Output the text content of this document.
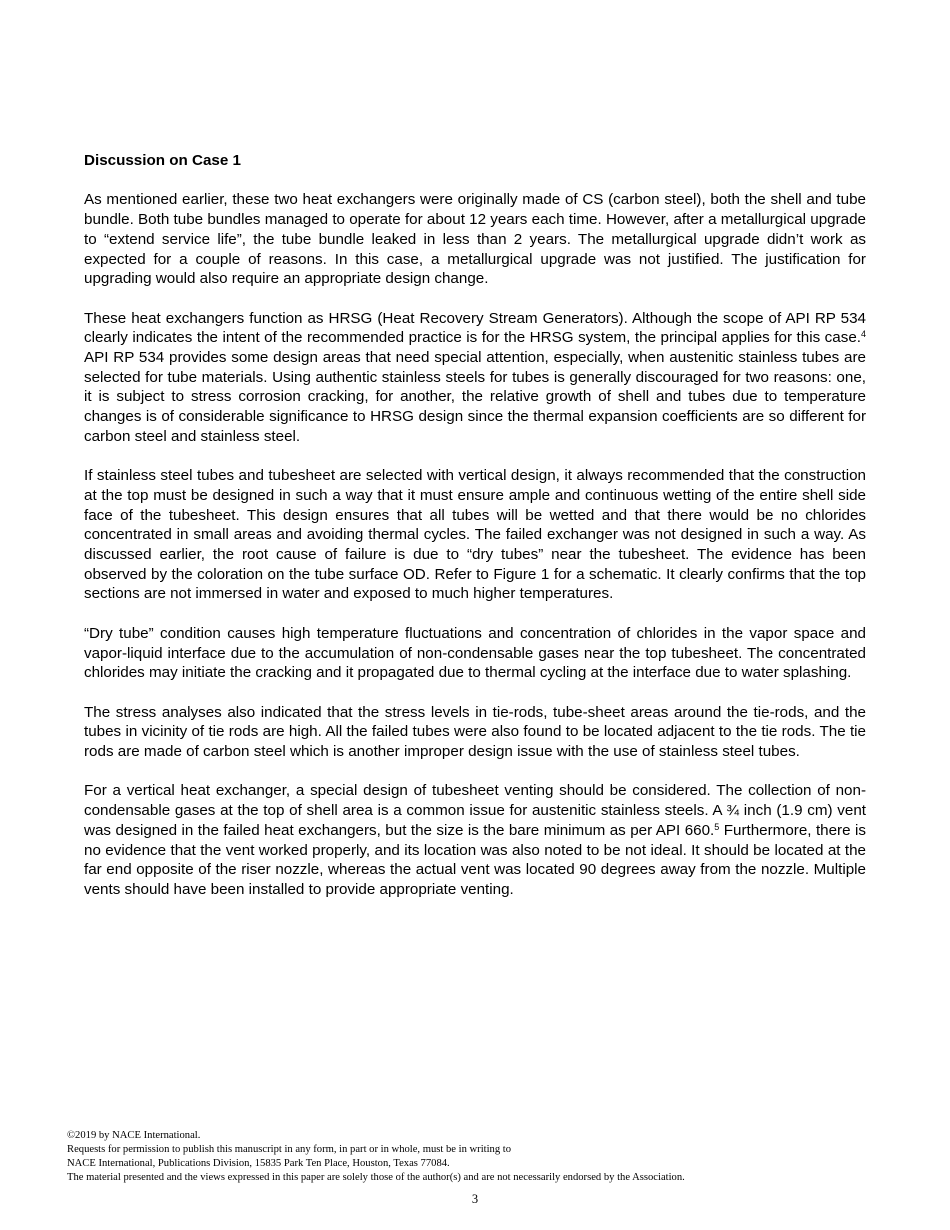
Discussion on Case 1

As mentioned earlier, these two heat exchangers were originally made of CS (carbon steel), both the shell and tube bundle. Both tube bundles managed to operate for about 12 years each time. However, after a metallurgical upgrade to “extend service life”, the tube bundle leaked in less than 2 years. The metallurgical upgrade didn’t work as expected for a couple of reasons. In this case, a metallurgical upgrade was not justified. The justification for upgrading would also require an appropriate design change.

These heat exchangers function as HRSG (Heat Recovery Stream Generators). Although the scope of API RP 534 clearly indicates the intent of the recommended practice is for the HRSG system, the principal applies for this case.$^4$ API RP 534 provides some design areas that need special attention, especially, when austenitic stainless tubes are selected for tube materials. Using authentic stainless steels for tubes is generally discouraged for two reasons: one, it is subject to stress corrosion cracking, for another, the relative growth of shell and tubes due to temperature changes is of considerable significance to HRSG design since the thermal expansion coefficients are so different for carbon steel and stainless steel.

If stainless steel tubes and tubesheet are selected with vertical design, it always recommended that the construction at the top must be designed in such a way that it must ensure ample and continuous wetting of the entire shell side face of the tubesheet. This design ensures that all tubes will be wetted and that there would be no chlorides concentrated in small areas and avoiding thermal cycles. The failed exchanger was not designed in such a way. As discussed earlier, the root cause of failure is due to “dry tubes” near the tubesheet. The evidence has been observed by the coloration on the tube surface OD. Refer to Figure 1 for a schematic. It clearly confirms that the top sections are not immersed in water and exposed to much higher temperatures.

“Dry tube” condition causes high temperature fluctuations and concentration of chlorides in the vapor space and vapor-liquid interface due to the accumulation of non-condensable gases near the top tubesheet. The concentrated chlorides may initiate the cracking and it propagated due to thermal cycling at the interface due to water splashing.

The stress analyses also indicated that the stress levels in tie-rods, tube-sheet areas around the tie-rods, and the tubes in vicinity of tie rods are high. All the failed tubes were also found to be located adjacent to the tie rods. The tie rods are made of carbon steel which is another improper design issue with the use of stainless steel tubes.

For a vertical heat exchanger, a special design of tubesheet venting should be considered. The collection of non-condensable gases at the top of shell area is a common issue for austenitic stainless steels. A ¾ inch (1.9 cm) vent was designed in the failed heat exchangers, but the size is the bare minimum as per API 660.$^5$ Furthermore, there is no evidence that the vent worked properly, and its location was also noted to be not ideal. It should be located at the far end opposite of the riser nozzle, whereas the actual vent was located 90 degrees away from the nozzle. Multiple vents should have been installed to provide appropriate venting.

©2019 by NACE International.
Requests for permission to publish this manuscript in any form, in part or in whole, must be in writing to
NACE International, Publications Division, 15835 Park Ten Place, Houston, Texas 77084.
The material presented and the views expressed in this paper are solely those of the author(s) and are not necessarily endorsed by the Association.
3
